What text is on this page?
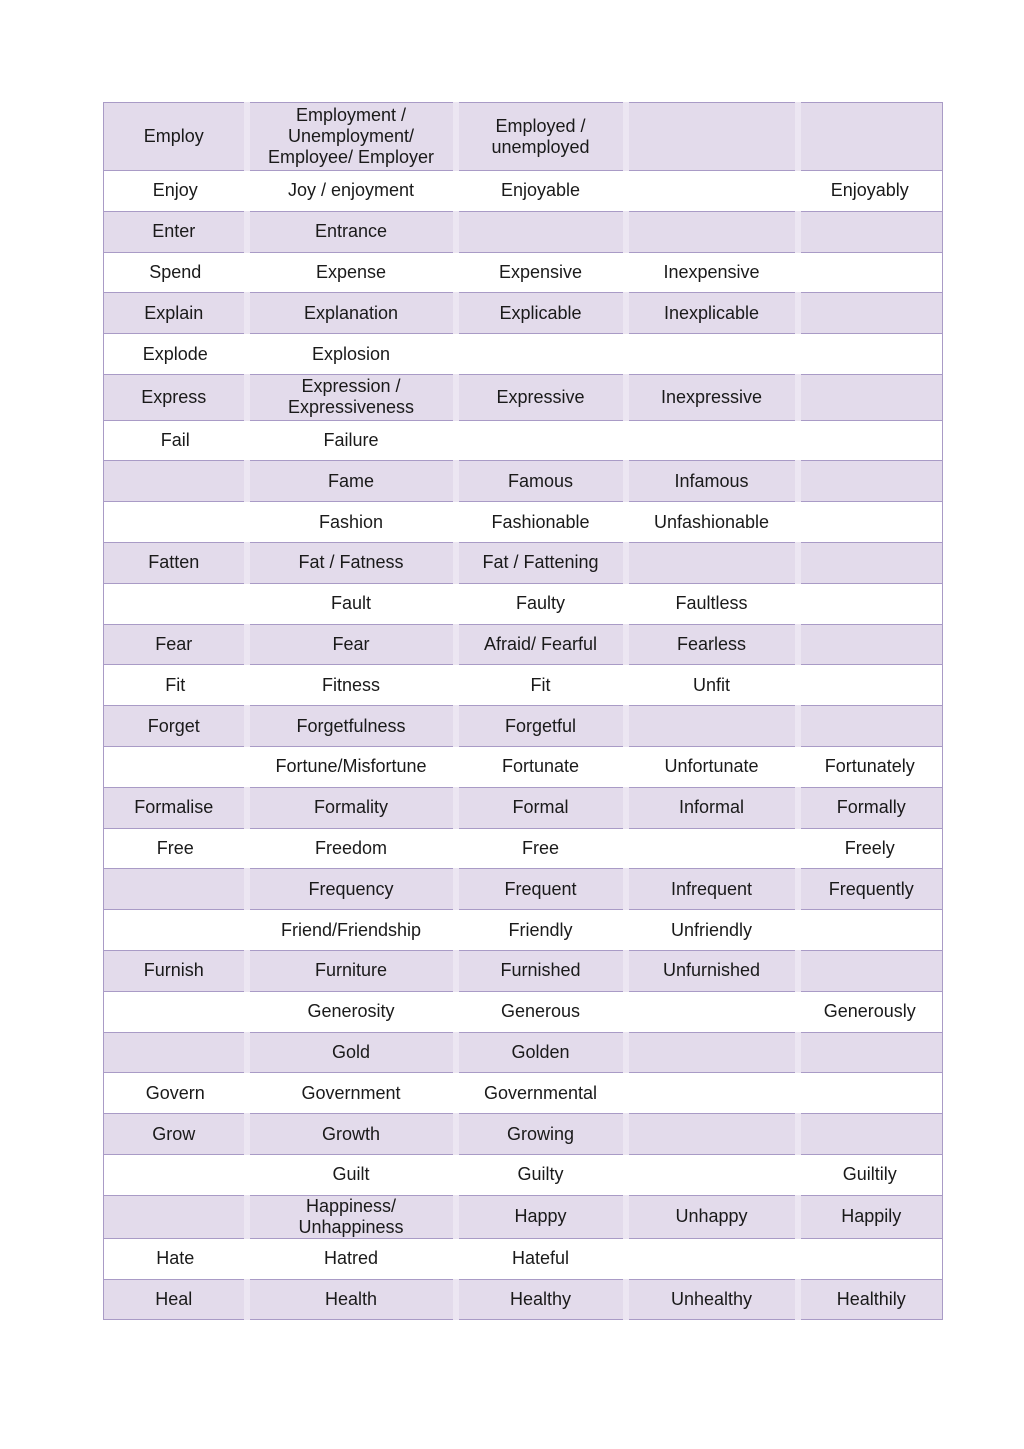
Employ	Employment / Unemployment/ Employee/ Employer	Employed / unemployed		
Enjoy	Joy / enjoyment	Enjoyable		Enjoyably
Enter	Entrance			
Spend	Expense	Expensive	Inexpensive	
Explain	Explanation	Explicable	Inexplicable	
Explode	Explosion			
Express	Expression / Expressiveness	Expressive	Inexpressive	
Fail	Failure			
	Fame	Famous	Infamous	
	Fashion	Fashionable	Unfashionable	
Fatten	Fat / Fatness	Fat / Fattening		
	Fault	Faulty	Faultless	
Fear	Fear	Afraid/ Fearful	Fearless	
Fit	Fitness	Fit	Unfit	
Forget	Forgetfulness	Forgetful		
	Fortune/Misfortune	Fortunate	Unfortunate	Fortunately
Formalise	Formality	Formal	Informal	Formally
Free	Freedom	Free		Freely
	Frequency	Frequent	Infrequent	Frequently
	Friend/Friendship	Friendly	Unfriendly	
Furnish	Furniture	Furnished	Unfurnished	
	Generosity	Generous		Generously
	Gold	Golden		
Govern	Government	Governmental		
Grow	Growth	Growing		
	Guilt	Guilty		Guiltily
	Happiness/ Unhappiness	Happy	Unhappy	Happily
Hate	Hatred	Hateful		
Heal	Health	Healthy	Unhealthy	Healthily
